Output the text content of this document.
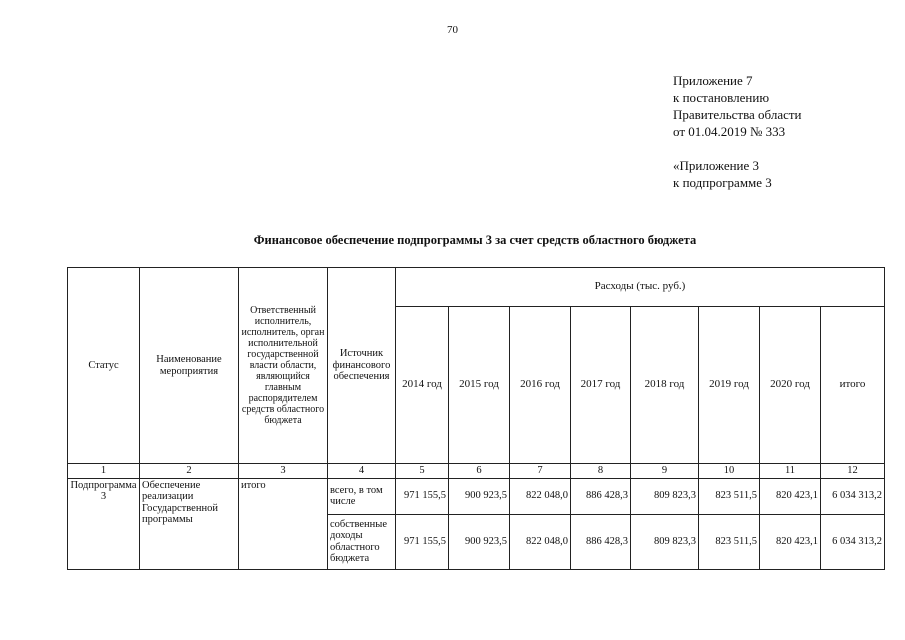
70
Приложение 7
к постановлению
Правительства области
от 01.04.2019 № 333
«Приложение 3
к подпрограмме 3
Финансовое обеспечение подпрограммы 3 за счет средств областного бюджета
Статус	Наименование мероприятия	Ответственный исполнитель, исполнитель, орган исполнительной государственной власти области, являющийся главным распорядителем средств областного бюджета	Источник финансового обеспечения	Расходы (тыс. руб.)							
				2014 год	2015 год	2016 год	2017 год	2018 год	2019 год	2020 год	итого
1	2	3	4	5	6	7	8	9	10	11	12
Подпрограмма 3	Обеспечение реализации Государственной программы	итого	всего, в том числе	971 155,5	900 923,5	822 048,0	886 428,3	809 823,3	823 511,5	820 423,1	6 034 313,2
			собственные доходы областного бюджета	971 155,5	900 923,5	822 048,0	886 428,3	809 823,3	823 511,5	820 423,1	6 034 313,2
